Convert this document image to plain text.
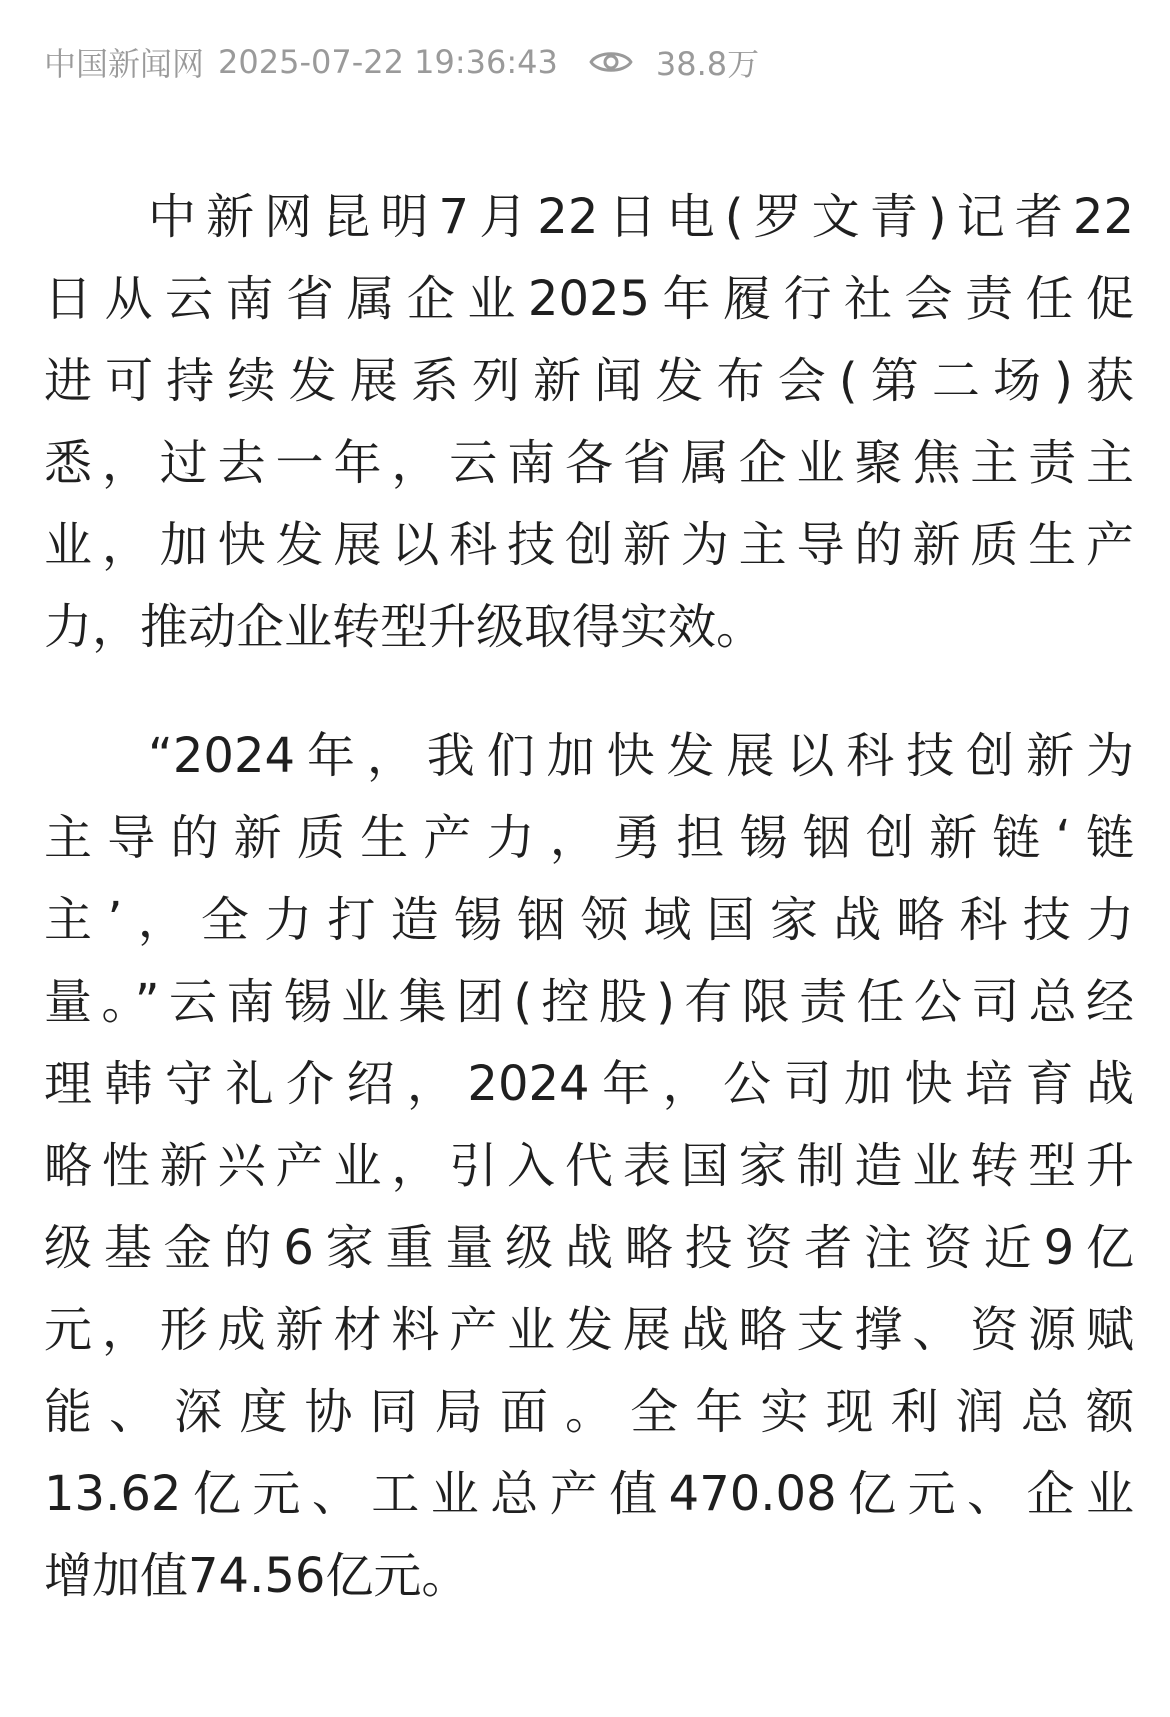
中国新闻网 2025-07-22 19:36:43	38.8万

中新网昆明7月22日电(罗文青)记者22
日从云南省属企业2025年履行社会责任促
进可持续发展系列新闻发布会(第二场)获
悉，过去一年，云南各省属企业聚焦主责主
业，加快发展以科技创新为主导的新质生产
力，推动企业转型升级取得实效。

“2024年，我们加快发展以科技创新为
主导的新质生产力，勇担锡铟创新链‘链
主’，全力打造锡铟领域国家战略科技力
量。”云南锡业集团(控股)有限责任公司总经
理韩守礼介绍，2024年，公司加快培育战
略性新兴产业，引入代表国家制造业转型升
级基金的6家重量级战略投资者注资近9亿
元，形成新材料产业发展战略支撑、资源赋
能、深度协同局面。全年实现利润总额
13.62亿元、工业总产值470.08亿元、企业
增加值74.56亿元。
